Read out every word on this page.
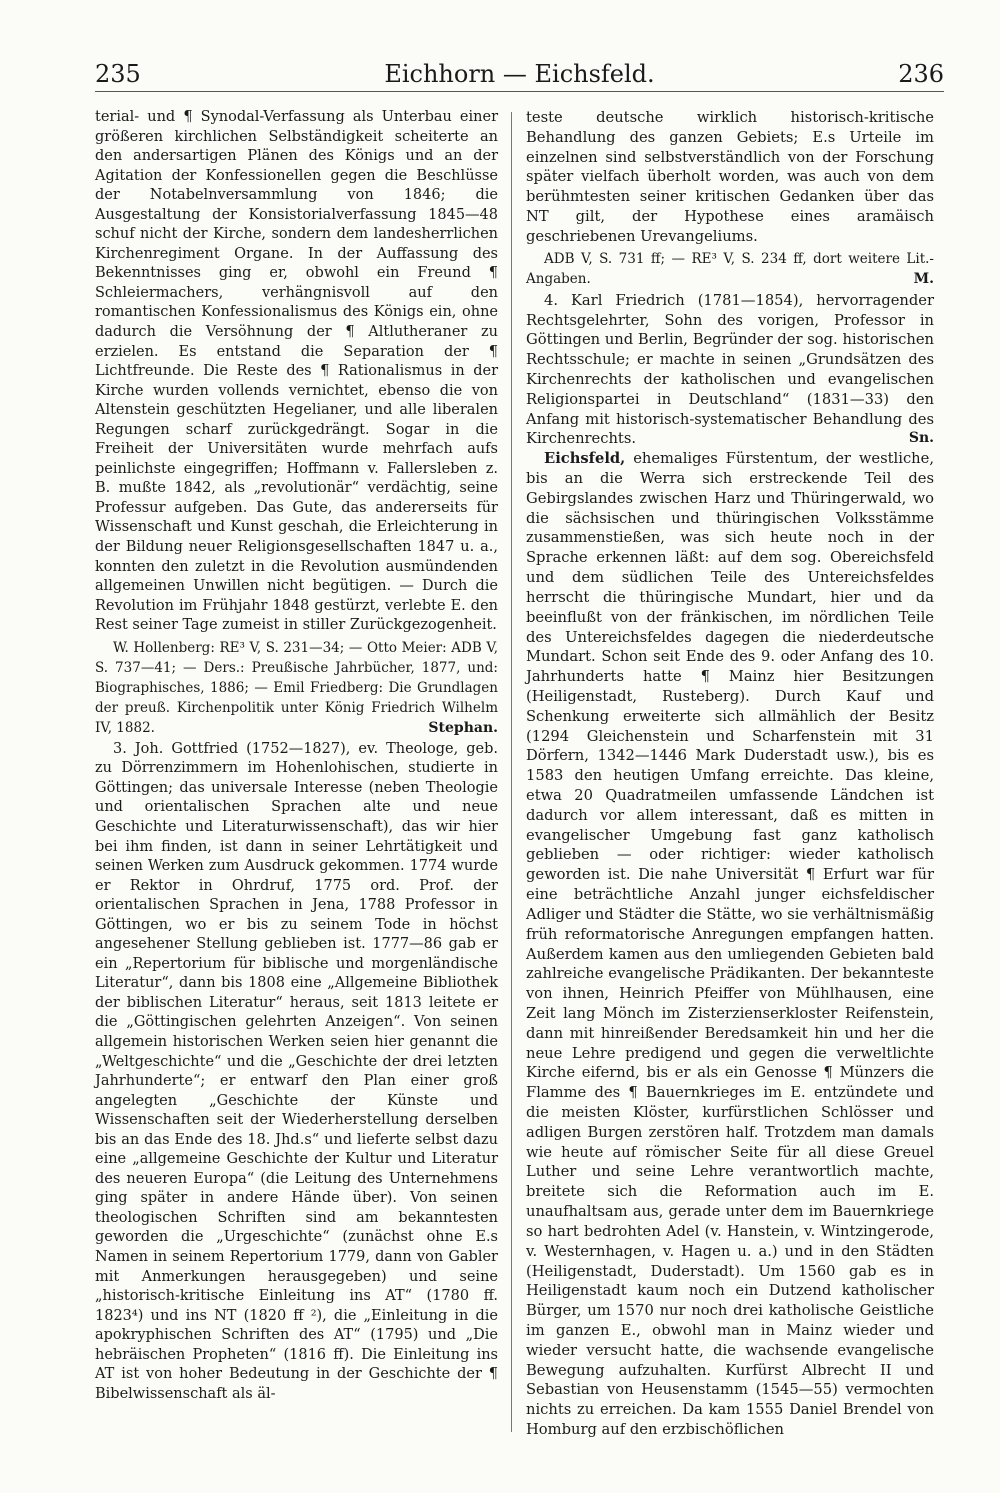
235	Eichhorn — Eichsfeld.	236

terial- und ¶ Synodal-Verfassung als Unterbau einer größeren kirchlichen Selbständigkeit scheiterte an den andersartigen Plänen des Königs und an der Agitation der Konfessionellen gegen die Beschlüsse der Notabelnversammlung von 1846; die Ausgestaltung der Konsistorialverfassung 1845—48 schuf nicht der Kirche, sondern dem landesherrlichen Kirchenregiment Organe. In der Auffassung des Bekenntnisses ging er, obwohl ein Freund ¶ Schleiermachers, verhängnisvoll auf den romantischen Konfessionalismus des Königs ein, ohne dadurch die Versöhnung der ¶ Altlutheraner zu erzielen. Es entstand die Separation der ¶ Lichtfreunde. Die Reste des ¶ Rationalismus in der Kirche wurden vollends vernichtet, ebenso die von Altenstein geschützten Hegelianer, und alle liberalen Regungen scharf zurückgedrängt. Sogar in die Freiheit der Universitäten wurde mehrfach aufs peinlichste eingegriffen; Hoffmann v. Fallersleben z. B. mußte 1842, als „revolutionär“ verdächtig, seine Professur aufgeben. Das Gute, das andererseits für Wissenschaft und Kunst geschah, die Erleichterung in der Bildung neuer Religionsgesellschaften 1847 u. a., konnten den zuletzt in die Revolution ausmündenden allgemeinen Unwillen nicht begütigen. — Durch die Revolution im Frühjahr 1848 gestürzt, verlebte E. den Rest seiner Tage zumeist in stiller Zurückgezogenheit.

W. Hollenberg: RE³ V, S. 231—34; — Otto Meier: ADB V, S. 737—41; — Ders.: Preußische Jahrbücher, 1877, und: Biographisches, 1886; — Emil Friedberg: Die Grundlagen der preuß. Kirchenpolitik unter König Friedrich Wilhelm IV, 1882.	Stephan.

3. Joh. Gottfried (1752—1827), ev. Theologe, geb. zu Dörrenzimmern im Hohenlohischen, studierte in Göttingen; das universale Interesse (neben Theologie und orientalischen Sprachen alte und neue Geschichte und Literaturwissenschaft), das wir hier bei ihm finden, ist dann in seiner Lehrtätigkeit und seinen Werken zum Ausdruck gekommen. 1774 wurde er Rektor in Ohrdruf, 1775 ord. Prof. der orientalischen Sprachen in Jena, 1788 Professor in Göttingen, wo er bis zu seinem Tode in höchst angesehener Stellung geblieben ist. 1777—86 gab er ein „Repertorium für biblische und morgenländische Literatur“, dann bis 1808 eine „Allgemeine Bibliothek der biblischen Literatur“ heraus, seit 1813 leitete er die „Göttingischen gelehrten Anzeigen“. Von seinen allgemein historischen Werken seien hier genannt die „Weltgeschichte“ und die „Geschichte der drei letzten Jahrhunderte“; er entwarf den Plan einer groß angelegten „Geschichte der Künste und Wissenschaften seit der Wiederherstellung derselben bis an das Ende des 18. Jhd.s“ und lieferte selbst dazu eine „allgemeine Geschichte der Kultur und Literatur des neueren Europa“ (die Leitung des Unternehmens ging später in andere Hände über). Von seinen theologischen Schriften sind am bekanntesten geworden die „Urgeschichte“ (zunächst ohne E.s Namen in seinem Repertorium 1779, dann von Gabler mit Anmerkungen herausgegeben) und seine „historisch-kritische Einleitung ins AT“ (1780 ff. 1823⁴) und ins NT (1820 ff ²), die „Einleitung in die apokryphischen Schriften des AT“ (1795) und „Die hebräischen Propheten“ (1816 ff). Die Einleitung ins AT ist von hoher Bedeutung in der Geschichte der ¶ Bibelwissenschaft als äl-

teste deutsche wirklich historisch-kritische Behandlung des ganzen Gebiets; E.s Urteile im einzelnen sind selbstverständlich von der Forschung später vielfach überholt worden, was auch von dem berühmtesten seiner kritischen Gedanken über das NT gilt, der Hypothese eines aramäisch geschriebenen Urevangeliums.

ADB V, S. 731 ff; — RE³ V, S. 234 ff, dort weitere Lit.-Angaben.	M.

4. Karl Friedrich (1781—1854), hervorragender Rechtsgelehrter, Sohn des vorigen, Professor in Göttingen und Berlin, Begründer der sog. historischen Rechtsschule; er machte in seinen „Grundsätzen des Kirchenrechts der katholischen und evangelischen Religionspartei in Deutschland“ (1831—33) den Anfang mit historisch-systematischer Behandlung des Kirchenrechts.	Sn.

Eichsfeld, ehemaliges Fürstentum, der westliche, bis an die Werra sich erstreckende Teil des Gebirgslandes zwischen Harz und Thüringerwald, wo die sächsischen und thüringischen Volksstämme zusammenstießen, was sich heute noch in der Sprache erkennen läßt: auf dem sog. Obereichsfeld und dem südlichen Teile des Untereichsfeldes herrscht die thüringische Mundart, hier und da beeinflußt von der fränkischen, im nördlichen Teile des Untereichsfeldes dagegen die niederdeutsche Mundart. Schon seit Ende des 9. oder Anfang des 10. Jahrhunderts hatte ¶ Mainz hier Besitzungen (Heiligenstadt, Rusteberg). Durch Kauf und Schenkung erweiterte sich allmählich der Besitz (1294 Gleichenstein und Scharfenstein mit 31 Dörfern, 1342—1446 Mark Duderstadt usw.), bis es 1583 den heutigen Umfang erreichte. Das kleine, etwa 20 Quadratmeilen umfassende Ländchen ist dadurch vor allem interessant, daß es mitten in evangelischer Umgebung fast ganz katholisch geblieben — oder richtiger: wieder katholisch geworden ist. Die nahe Universität ¶ Erfurt war für eine beträchtliche Anzahl junger eichsfeldischer Adliger und Städter die Stätte, wo sie verhältnismäßig früh reformatorische Anregungen empfangen hatten. Außerdem kamen aus den umliegenden Gebieten bald zahlreiche evangelische Prädikanten. Der bekannteste von ihnen, Heinrich Pfeiffer von Mühlhausen, eine Zeit lang Mönch im Zisterzienserkloster Reifenstein, dann mit hinreißender Beredsamkeit hin und her die neue Lehre predigend und gegen die verweltlichte Kirche eifernd, bis er als ein Genosse ¶ Münzers die Flamme des ¶ Bauernkrieges im E. entzündete und die meisten Klöster, kurfürstlichen Schlösser und adligen Burgen zerstören half. Trotzdem man damals wie heute auf römischer Seite für all diese Greuel Luther und seine Lehre verantwortlich machte, breitete sich die Reformation auch im E. unaufhaltsam aus, gerade unter dem im Bauernkriege so hart bedrohten Adel (v. Hanstein, v. Wintzingerode, v. Westernhagen, v. Hagen u. a.) und in den Städten (Heiligenstadt, Duderstadt). Um 1560 gab es in Heiligenstadt kaum noch ein Dutzend katholischer Bürger, um 1570 nur noch drei katholische Geistliche im ganzen E., obwohl man in Mainz wieder und wieder versucht hatte, die wachsende evangelische Bewegung aufzuhalten. Kurfürst Albrecht II und Sebastian von Heusenstamm (1545—55) vermochten nichts zu erreichen. Da kam 1555 Daniel Brendel von Homburg auf den erzbischöflichen
